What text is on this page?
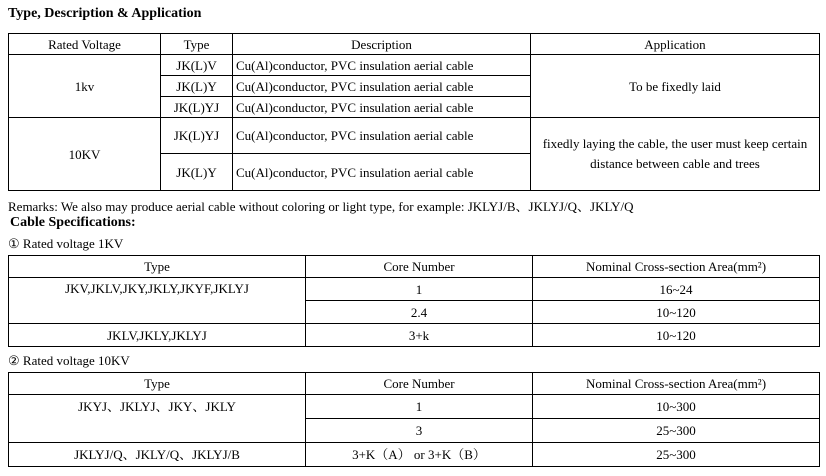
Type, Description & Application
Rated Voltage	Type	Description	Application
1kv	JK(L)V	Cu(Al)conductor, PVC insulation aerial cable	To be fixedly laid
	JK(L)Y	Cu(Al)conductor, PVC insulation aerial cable	
	JK(L)YJ	Cu(Al)conductor, PVC insulation aerial cable	
10KV	JK(L)YJ	Cu(Al)conductor, PVC insulation aerial cable	fixedly laying the cable, the user must keep certain distance between cable and trees
	JK(L)Y	Cu(Al)conductor, PVC insulation aerial cable	
Remarks: We also may produce aerial cable without coloring or light type, for example: JKLYJ/B、JKLYJ/Q、JKLY/Q
Cable Specifications:
① Rated voltage 1KV
Type	Core Number	Nominal Cross-section Area(mm²)
JKV,JKLV,JKY,JKLY,JKYF,JKLYJ	1	16~24
	2.4	10~120
JKLV,JKLY,JKLYJ	3+k	10~120
② Rated voltage 10KV
Type	Core Number	Nominal Cross-section Area(mm²)
JKYJ、JKLYJ、JKY、JKLY	1	10~300
	3	25~300
JKLYJ/Q、JKLY/Q、JKLYJ/B	3+K（A） or 3+K（B）	25~300
